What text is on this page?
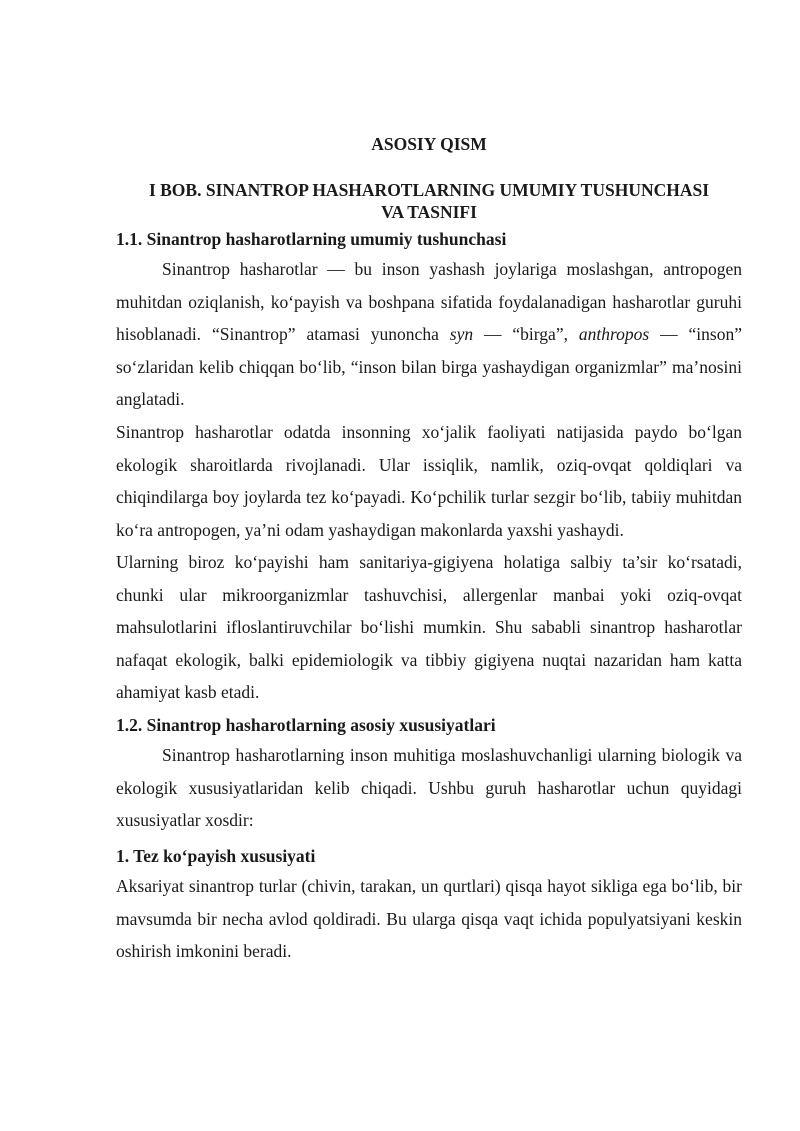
ASOSIY QISM
I BOB. SINANTROP HASHAROTLARNING UMUMIY TUSHUNCHASI
VA TASNIFI
1.1. Sinantrop hasharotlarning umumiy tushunchasi

Sinantrop hasharotlar — bu inson yashash joylariga moslashgan, antropogen muhitdan oziqlanish, ko‘payish va boshpana sifatida foydalanadigan hasharotlar guruhi hisoblanadi. “Sinantrop” atamasi yunoncha syn — “birga”, anthropos — “inson” so‘zlaridan kelib chiqqan bo‘lib, “inson bilan birga yashaydigan organizmlar” ma’nosini anglatadi.

Sinantrop hasharotlar odatda insonning xo‘jalik faoliyati natijasida paydo bo‘lgan ekologik sharoitlarda rivojlanadi. Ular issiqlik, namlik, oziq-ovqat qoldiqlari va chiqindilarga boy joylarda tez ko‘payadi. Ko‘pchilik turlar sezgir bo‘lib, tabiiy muhitdan ko‘ra antropogen, ya’ni odam yashaydigan makonlarda yaxshi yashaydi.

Ularning biroz ko‘payishi ham sanitariya-gigiyena holatiga salbiy ta’sir ko‘rsatadi, chunki ular mikroorganizmlar tashuvchisi, allergenlar manbai yoki oziq-ovqat mahsulotlarini ifloslantiruvchilar bo‘lishi mumkin. Shu sababli sinantrop hasharotlar nafaqat ekologik, balki epidemiologik va tibbiy gigiyena nuqtai nazaridan ham katta ahamiyat kasb etadi.

1.2. Sinantrop hasharotlarning asosiy xususiyatlari

Sinantrop hasharotlarning inson muhitiga moslashuvchanligi ularning biologik va ekologik xususiyatlaridan kelib chiqadi. Ushbu guruh hasharotlar uchun quyidagi xususiyatlar xosdir:

1. Tez ko‘payish xususiyati

Aksariyat sinantrop turlar (chivin, tarakan, un qurtlari) qisqa hayot sikliga ega bo‘lib, bir mavsumda bir necha avlod qoldiradi. Bu ularga qisqa vaqt ichida populyatsiyani keskin oshirish imkonini beradi.
